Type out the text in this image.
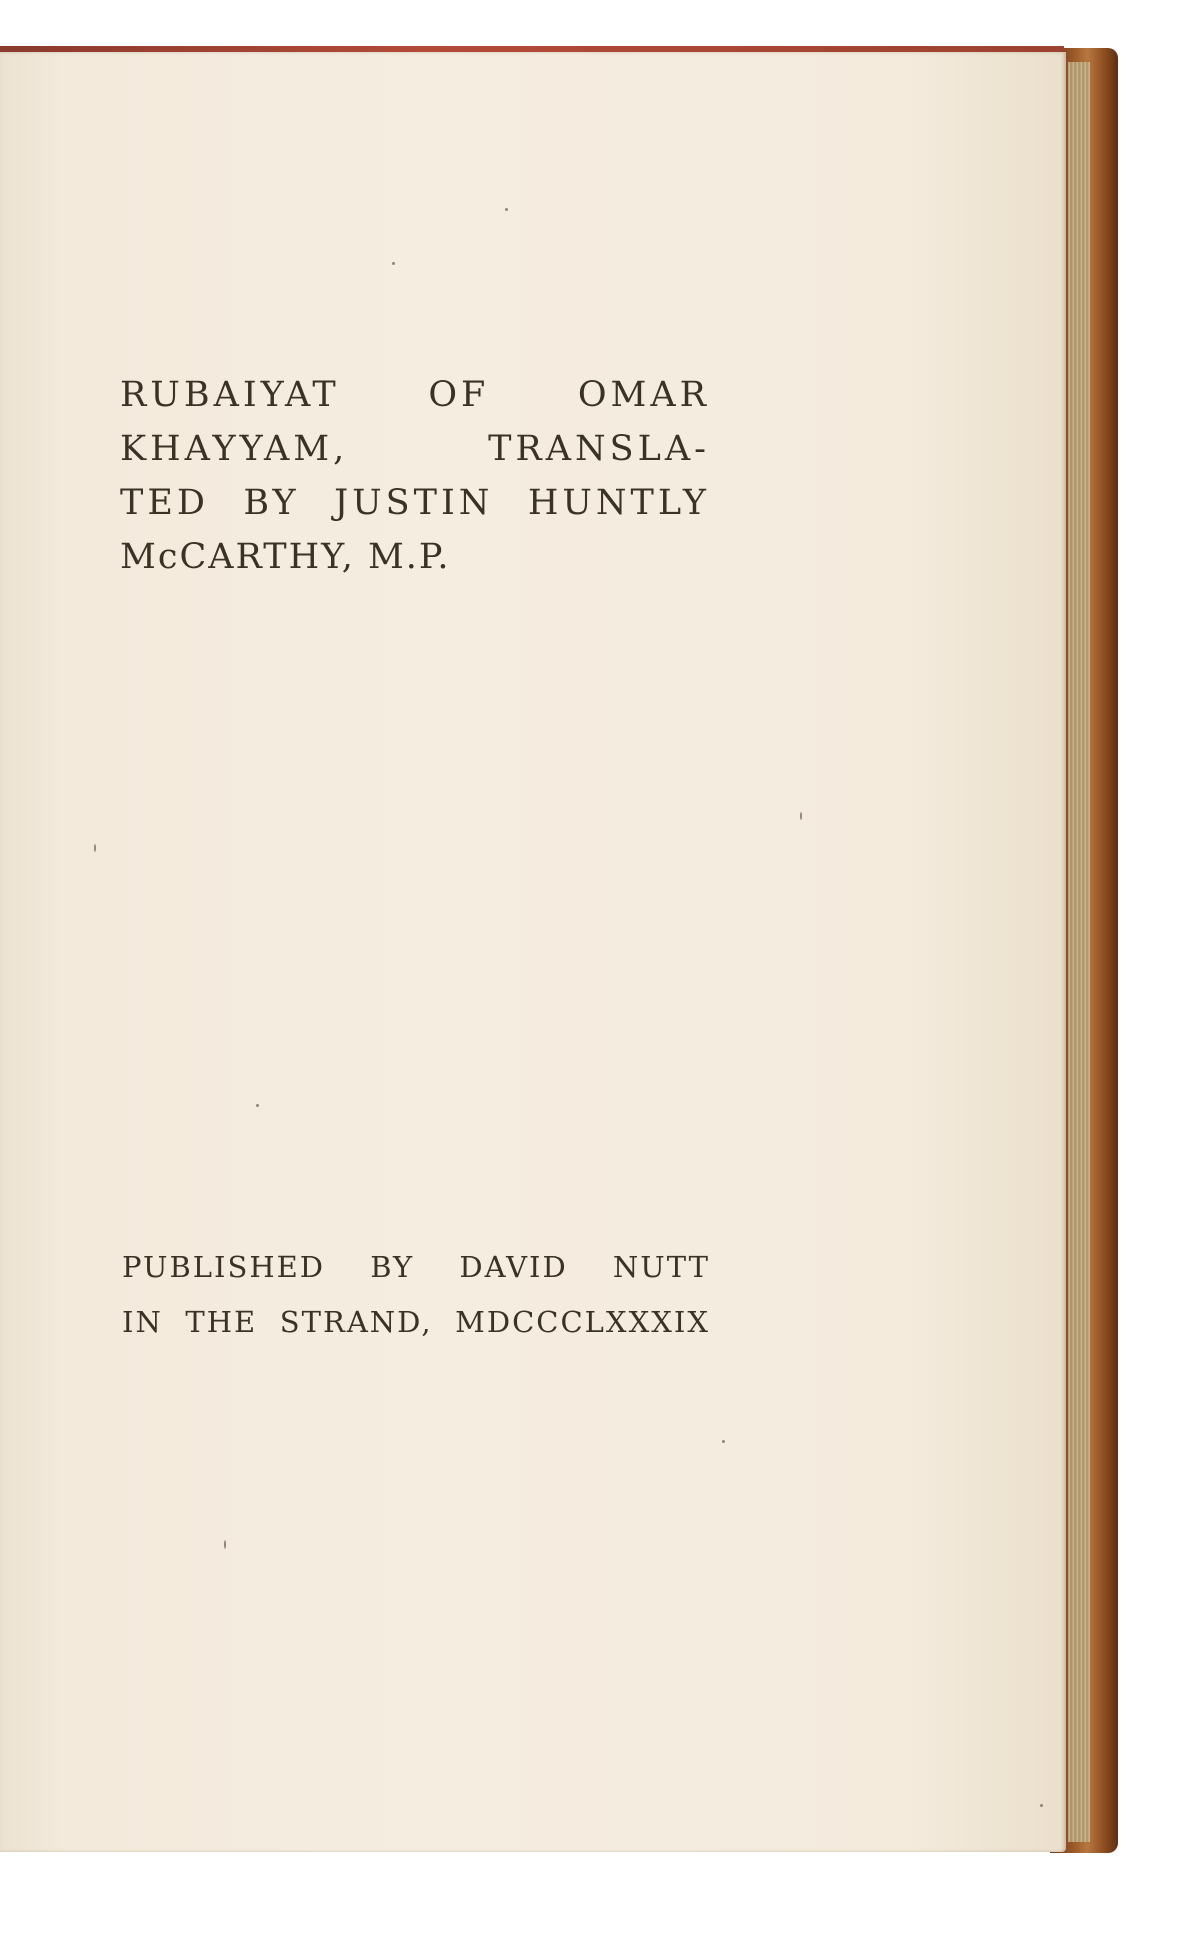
RUBAIYAT	OF	OMAR
KHAYYAM,	TRANSLA-
TED BY JUSTIN HUNTLY
McCARTHY, M.P.
PUBLISHED BY DAVID NUTT
IN THE STRAND, MDCCCLXXXIX
